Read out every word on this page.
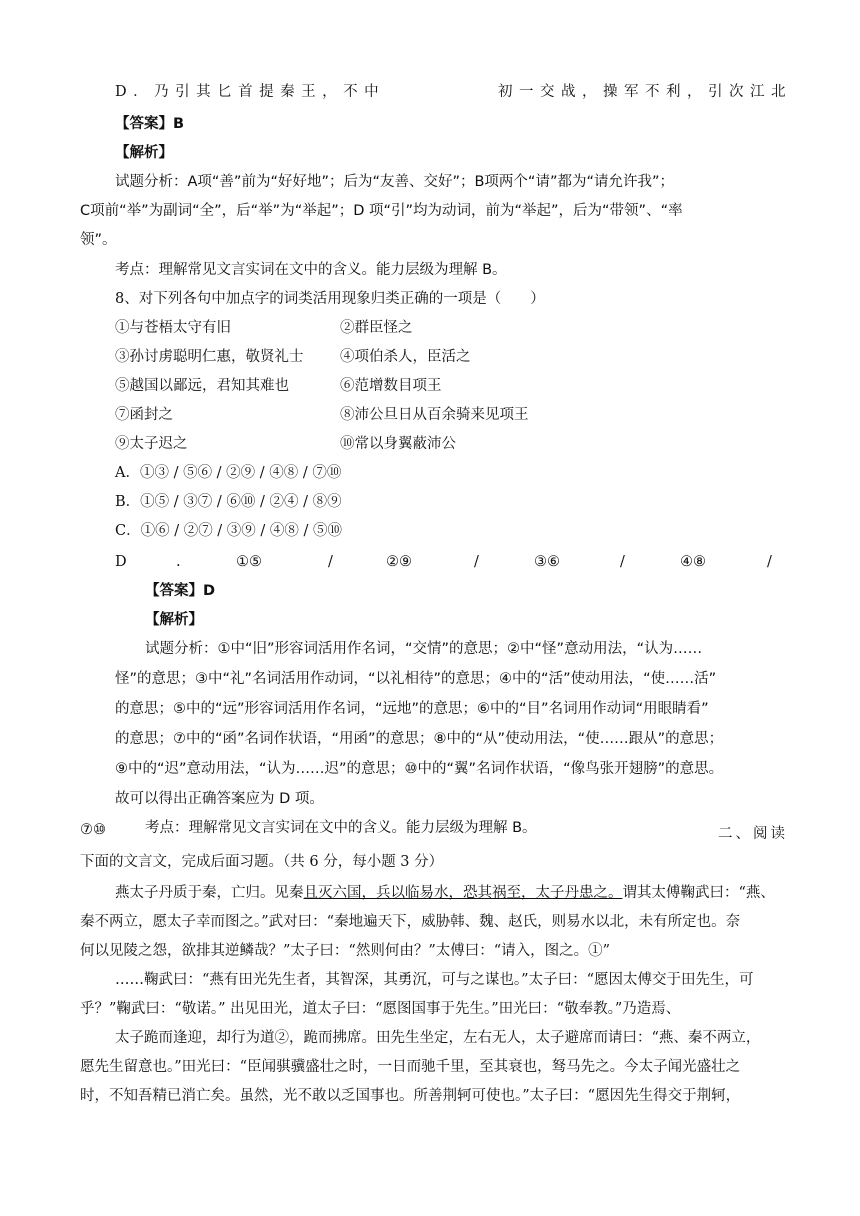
D．乃引其匕首提秦王，不中	初一交战，操军不利，引次江北
【答案】B
【解析】
试题分析：A项“善”前为“好好地”；后为“友善、交好”；B项两个“请”都为“请允许我”；
C项前“举”为副词“全”，后“举”为“举起”；D 项“引”均为动词，前为“举起”，后为“带领”、“率
领”。
考点：理解常见文言实词在文中的含义。能力层级为理解 B。
8、对下列各句中加点字的词类活用现象归类正确的一项是（　　）
①与苍梧太守有旧	②群臣怪之
③孙讨虏聪明仁惠，敬贤礼士	④项伯杀人，臣活之
⑤越国以鄙远，君知其难也	⑥范增数目项王
⑦函封之	⑧沛公旦日从百余骑来见项王
⑨太子迟之	⑩常以身翼蔽沛公
A．①③ / ⑤⑥ / ②⑨ / ④⑧ / ⑦⑩
B．①⑤ / ③⑦ / ⑥⑩ / ②④ / ⑧⑨
C．①⑥ / ②⑦ / ③⑨ / ④⑧ / ⑤⑩
D	.	①⑤	/	②⑨	/	③⑥	/	④⑧	/
【答案】D
【解析】
试题分析：①中“旧”形容词活用作名词，“交情”的意思；②中“怪”意动用法，“认为……
怪”的意思；③中“礼”名词活用作动词，“以礼相待”的意思；④中的“活”使动用法，“使……活”
的意思；⑤中的“远”形容词活用作名词，“远地”的意思；⑥中的“目”名词用作动词“用眼睛看”
的意思；⑦中的“函”名词作状语，“用函”的意思；⑧中的“从”使动用法，“使……跟从”的意思；
⑨中的“迟”意动用法，“认为……迟”的意思；⑩中的“翼”名词作状语，“像鸟张开翅膀”的意思。
故可以得出正确答案应为 D 项。
⑦⑩	考点：理解常见文言实词在文中的含义。能力层级为理解 B。	二、阅读
下面的文言文，完成后面习题。（共 6 分，每小题 3 分）
燕太子丹质于秦，亡归。见秦且灭六国，兵以临易水，恐其祸至，太子丹患之。谓其太傅鞠武曰：“燕、
秦不两立，愿太子幸而图之。”武对曰：“秦地遍天下，威胁韩、魏、赵氏，则易水以北，未有所定也。奈
何以见陵之怨，欲排其逆鳞哉？”太子曰：“然则何由？”太傅曰：“请入，图之。①”
……鞠武曰：“燕有田光先生者，其智深，其勇沉，可与之谋也。”太子曰：“愿因太傅交于田先生，可
乎？”鞠武曰：“敬诺。” 出见田光，道太子曰：“愿图国事于先生。”田光曰：“敬奉教。”乃造焉、
太子跪而逢迎，却行为道②，跪而拂席。田先生坐定，左右无人，太子避席而请曰：“燕、秦不两立，
愿先生留意也。”田光曰：“臣闻骐骥盛壮之时，一日而驰千里，至其衰也，驽马先之。今太子闻光盛壮之
时，不知吾精已消亡矣。虽然，光不敢以乏国事也。所善荆轲可使也。”太子曰：“愿因先生得交于荆轲，
